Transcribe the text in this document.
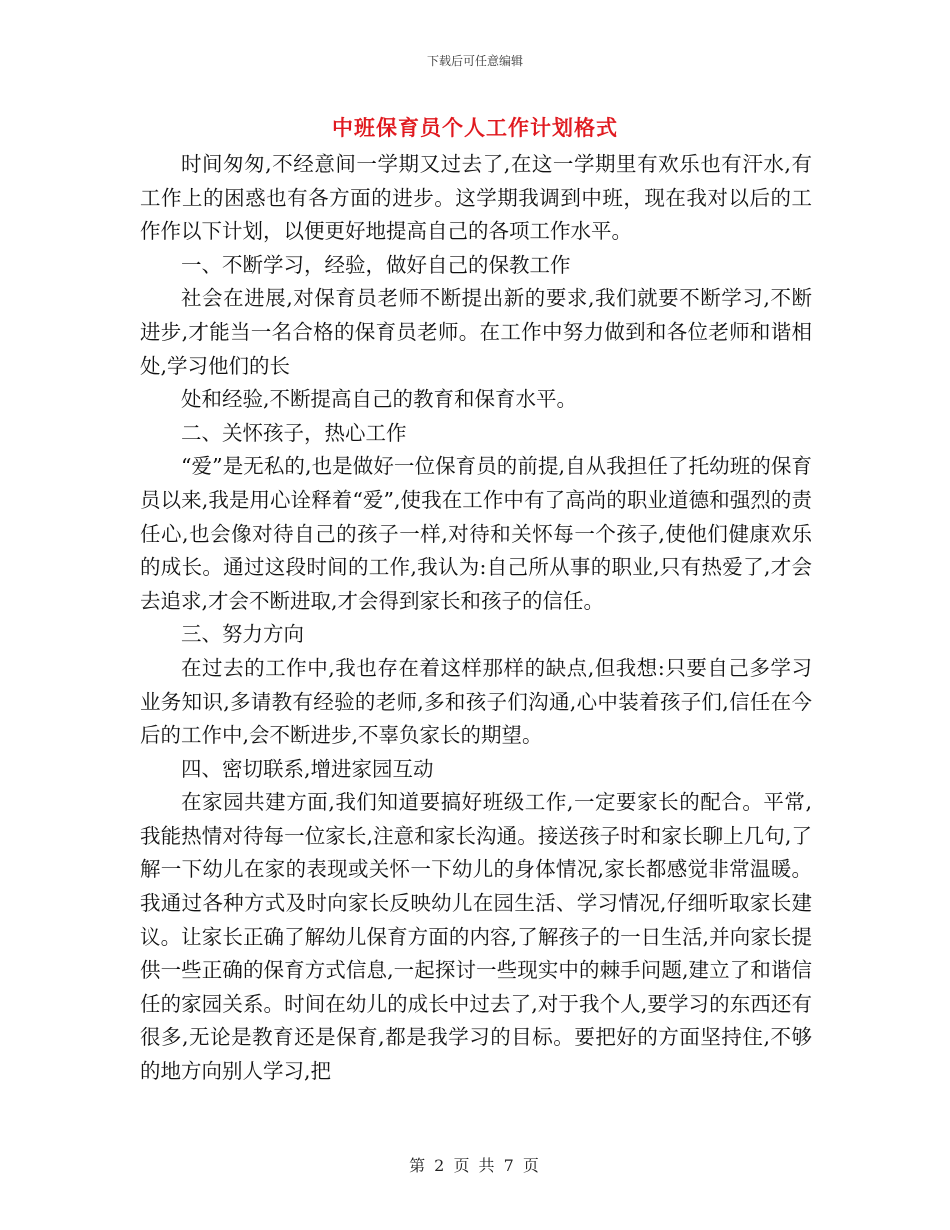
下载后可任意编辑
中班保育员个人工作计划格式

时间匆匆,不经意间一学期又过去了,在这一学期里有欢乐也有汗水,有工作上的困惑也有各方面的进步。这学期我调到中班，现在我对以后的工作作以下计划，以便更好地提高自己的各项工作水平。

一、不断学习，经验，做好自己的保教工作

社会在进展,对保育员老师不断提出新的要求,我们就要不断学习,不断进步,才能当一名合格的保育员老师。在工作中努力做到和各位老师和谐相处,学习他们的长

处和经验,不断提高自己的教育和保育水平。

二、关怀孩子，热心工作

“爱”是无私的,也是做好一位保育员的前提,自从我担任了托幼班的保育员以来,我是用心诠释着“爱”,使我在工作中有了高尚的职业道德和强烈的责任心,也会像对待自己的孩子一样,对待和关怀每一个孩子,使他们健康欢乐的成长。通过这段时间的工作,我认为:自己所从事的职业,只有热爱了,才会去追求,才会不断进取,才会得到家长和孩子的信任。

三、努力方向

在过去的工作中,我也存在着这样那样的缺点,但我想:只要自己多学习业务知识,多请教有经验的老师,多和孩子们沟通,心中装着孩子们,信任在今后的工作中,会不断进步,不辜负家长的期望。

四、密切联系,增进家园互动

在家园共建方面,我们知道要搞好班级工作,一定要家长的配合。平常,我能热情对待每一位家长,注意和家长沟通。接送孩子时和家长聊上几句,了解一下幼儿在家的表现或关怀一下幼儿的身体情况,家长都感觉非常温暖。我通过各种方式及时向家长反映幼儿在园生活、学习情况,仔细听取家长建议。让家长正确了解幼儿保育方面的内容,了解孩子的一日生活,并向家长提供一些正确的保育方式信息,一起探讨一些现实中的棘手问题,建立了和谐信任的家园关系。时间在幼儿的成长中过去了,对于我个人,要学习的东西还有很多,无论是教育还是保育,都是我学习的目标。要把好的方面坚持住,不够的地方向别人学习,把

第 2 页 共 7 页
